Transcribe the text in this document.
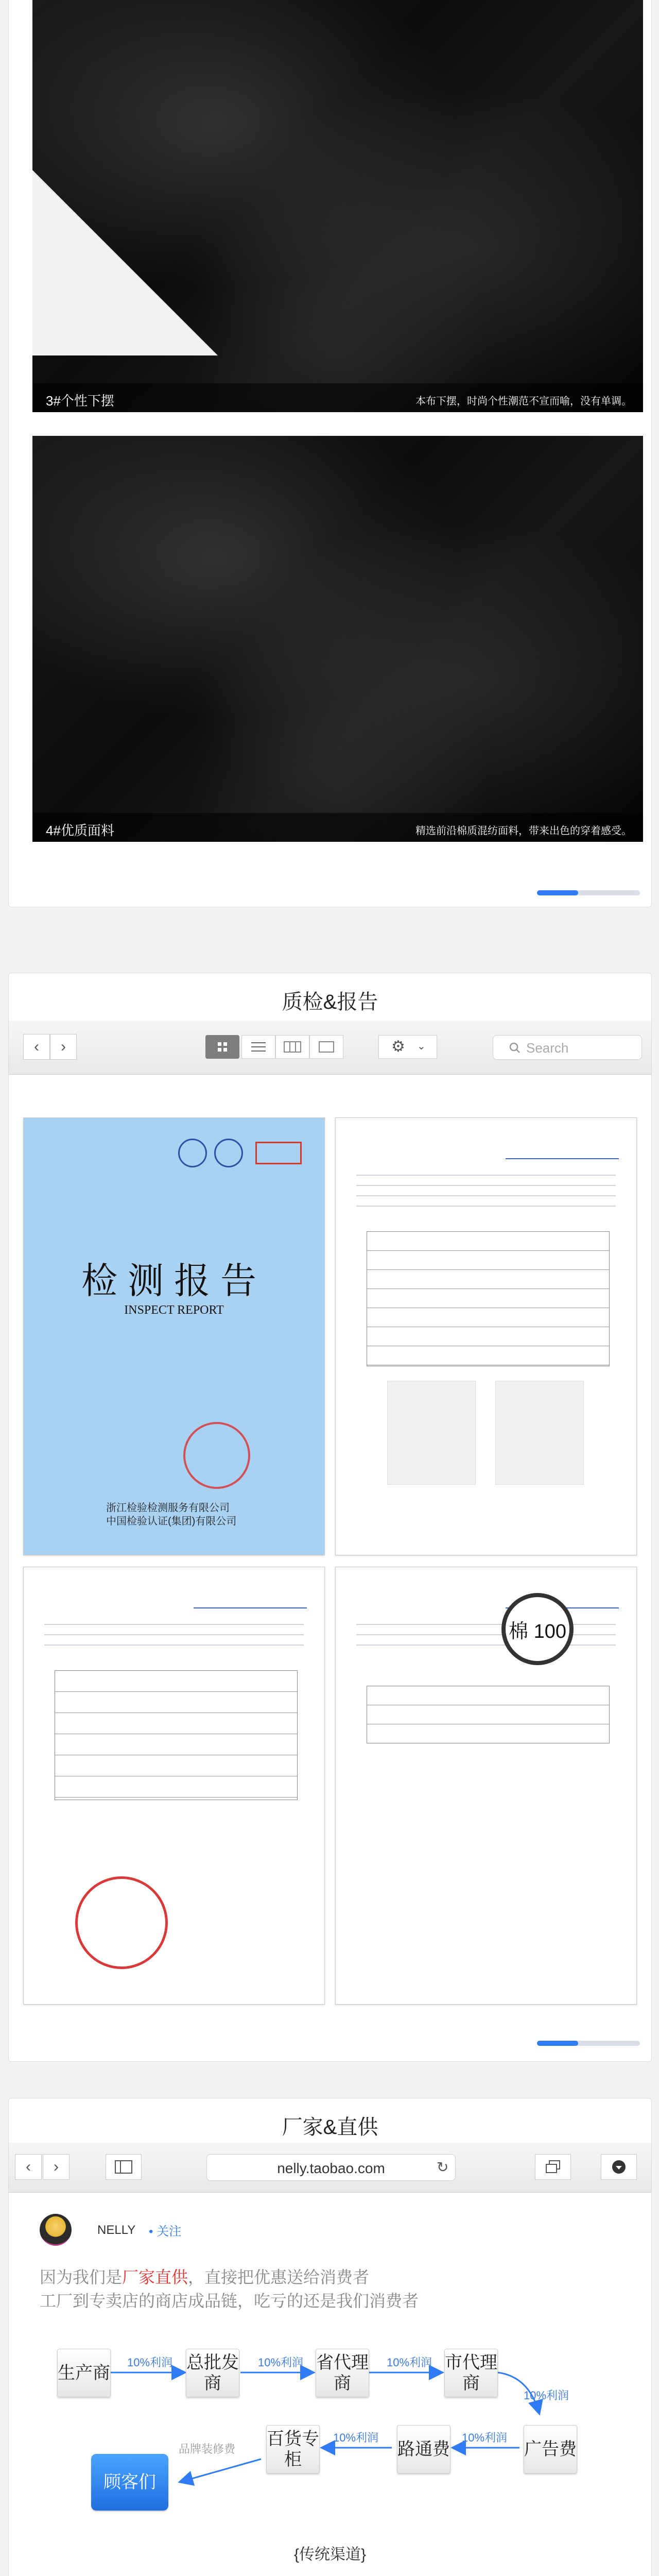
3#个性下摆	本布下摆，时尚个性潮范不宣而喻，没有单调。
4#优质面料	精选前沿棉质混纺面料，带来出色的穿着感受。
质检&报告
‹	›	⚙ ⌄	Search
检测报告
INSPECT REPORT
浙江检验检测服务有限公司
中国检验认证(集团)有限公司
棉 100
厂家&直供
‹	›	nelly.taobao.com	↻
NELLY • 关注
因为我们是厂家直供，直接把优惠送给消费者
工厂到专卖店的商店成品链，吃亏的还是我们消费者
生产商
总批发商
省代理商
市代理商
广告费
路通费
百货专柜
顾客们
10%利润	10%利润	10%利润
10%利润
10%利润
10%利润
品牌装修费
{传统渠道}
